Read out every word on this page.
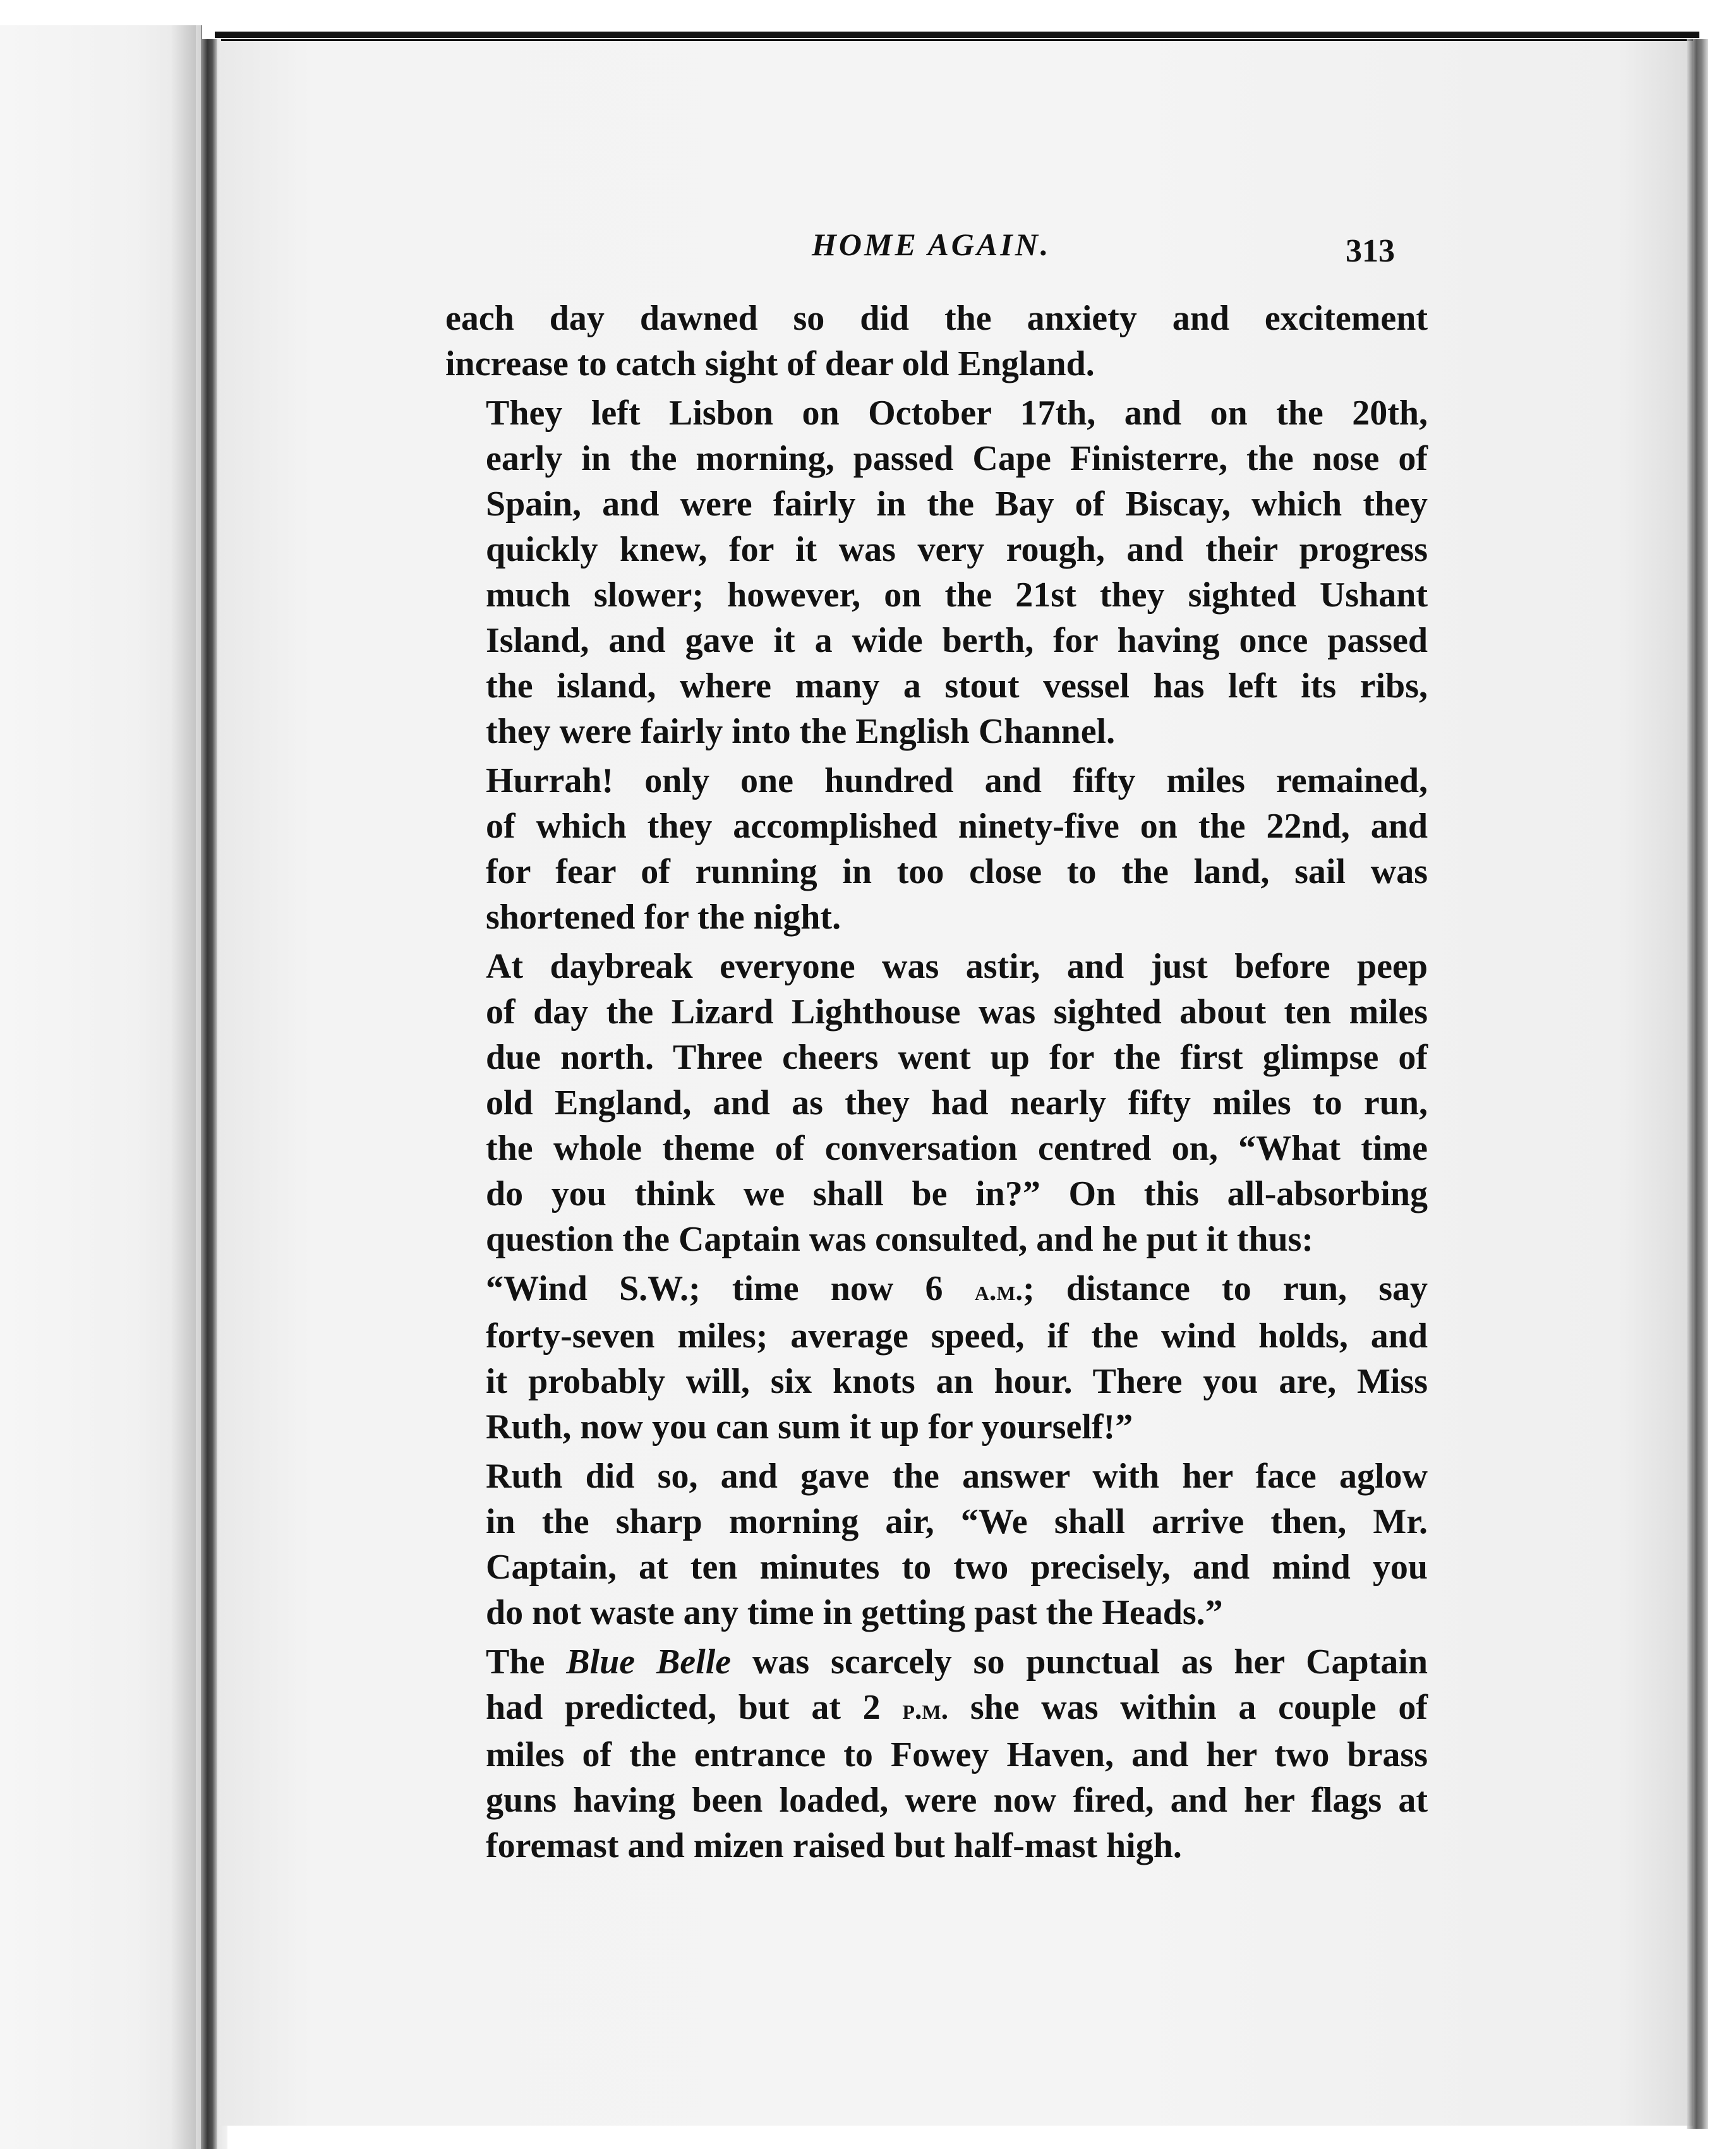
HOME AGAIN.	313
each day dawned so did the anxiety and excitement
increase to catch sight of dear old England.
They left Lisbon on October 17th, and on the 20th,
early in the morning, passed Cape Finisterre, the nose of
Spain, and were fairly in the Bay of Biscay, which they
quickly knew, for it was very rough, and their progress
much slower; however, on the 21st they sighted Ushant
Island, and gave it a wide berth, for having once passed
the island, where many a stout vessel has left its ribs,
they were fairly into the English Channel.
Hurrah! only one hundred and fifty miles remained,
of which they accomplished ninety-five on the 22nd, and
for fear of running in too close to the land, sail was
shortened for the night.
At daybreak everyone was astir, and just before peep
of day the Lizard Lighthouse was sighted about ten miles
due north. Three cheers went up for the first glimpse of
old England, and as they had nearly fifty miles to run,
the whole theme of conversation centred on, “What time
do you think we shall be in?” On this all-absorbing
question the Captain was consulted, and he put it thus:
“Wind S.W.; time now 6 a.m.; distance to run, say
forty-seven miles; average speed, if the wind holds, and
it probably will, six knots an hour. There you are, Miss
Ruth, now you can sum it up for yourself!”
Ruth did so, and gave the answer with her face aglow
in the sharp morning air, “We shall arrive then, Mr.
Captain, at ten minutes to two precisely, and mind you
do not waste any time in getting past the Heads.”
The Blue Belle was scarcely so punctual as her Captain
had predicted, but at 2 p.m. she was within a couple of
miles of the entrance to Fowey Haven, and her two brass
guns having been loaded, were now fired, and her flags at
foremast and mizen raised but half-mast high.
